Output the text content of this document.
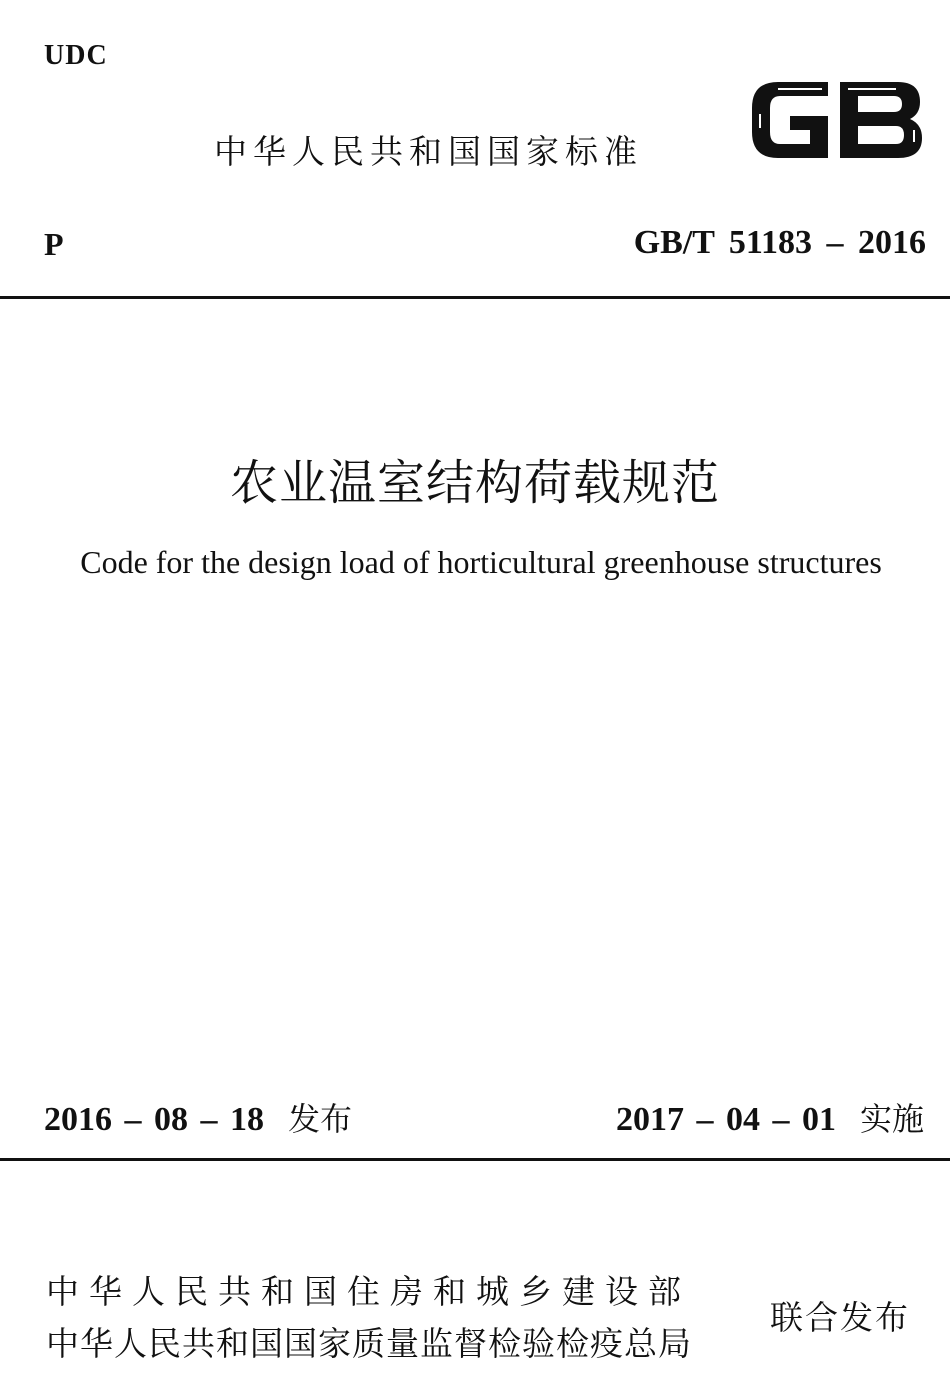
UDC
中华人民共和国国家标准
P	GB/T 51183 – 2016
农业温室结构荷载规范
Code for the design load of horticultural greenhouse structures
2016 – 08 – 18 发布	2017 – 04 – 01 实施
中华人民共和国住房和城乡建设部
中华人民共和国国家质量监督检验检疫总局
联合发布
